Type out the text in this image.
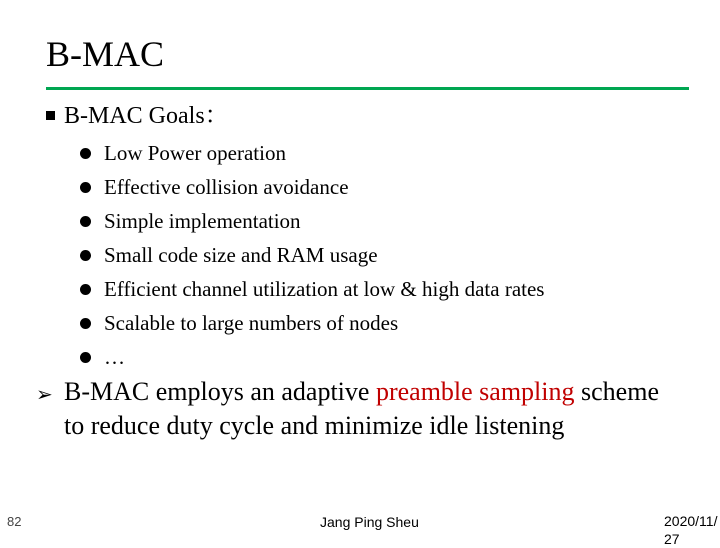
B-MAC
B-MAC Goals：
Low Power operation
Effective collision avoidance
Simple implementation
Small code size and RAM usage
Efficient channel utilization at low & high data rates
Scalable to large numbers of nodes
…
➢ B-MAC employs an adaptive preamble sampling scheme to reduce duty cycle and minimize idle listening
82	Jang Ping Sheu	2020/11/27
